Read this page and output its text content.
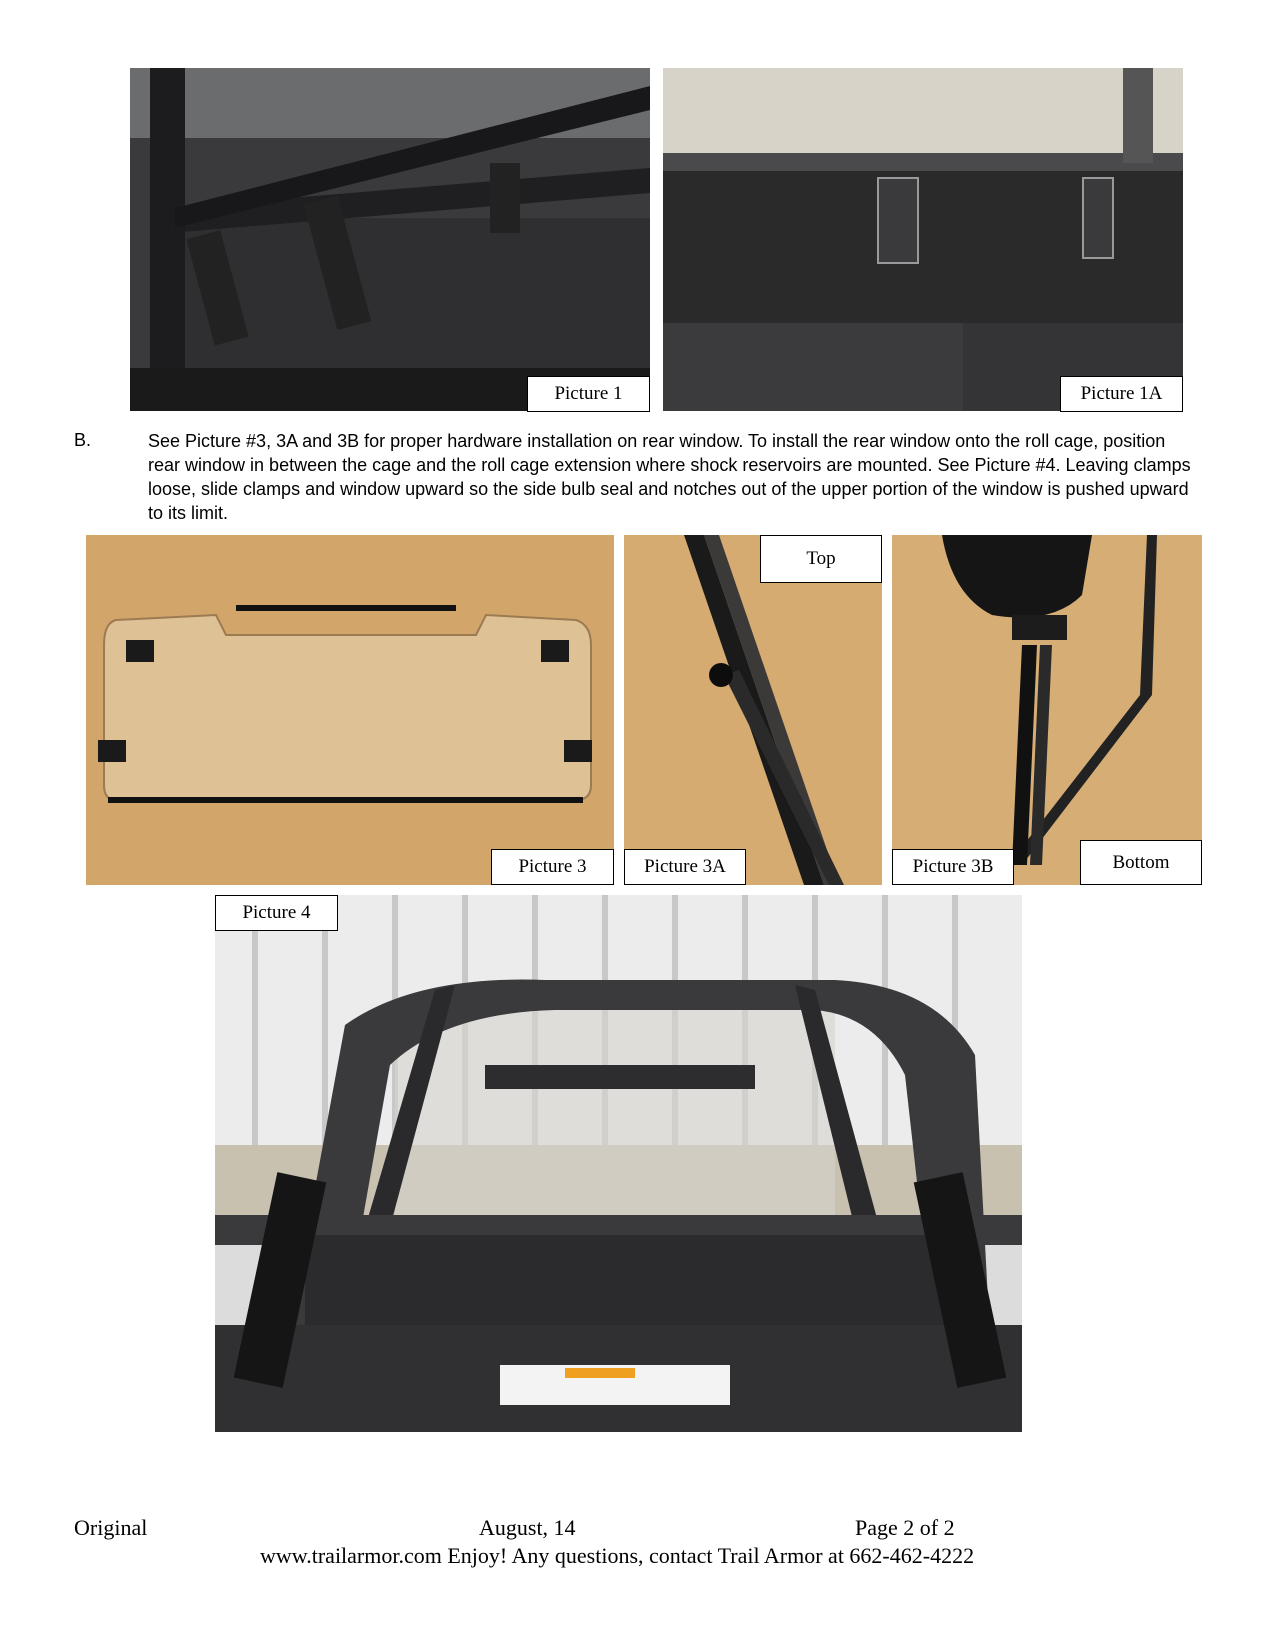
Picture 1	Picture 1A
B.	See Picture #3, 3A and 3B for proper hardware installation on rear window. To install the rear window onto the roll cage, position rear window in between the cage and the roll cage extension where shock reservoirs are mounted. See Picture #4. Leaving clamps loose, slide clamps and window upward so the side bulb seal and notches out of the upper portion of the window is pushed upward to its limit.
Picture 3
Top
Picture 3A	Picture 3B	Bottom
Picture 4
Original	August, 14	Page 2 of 2
www.trailarmor.com Enjoy! Any questions, contact Trail Armor at 662-462-4222
